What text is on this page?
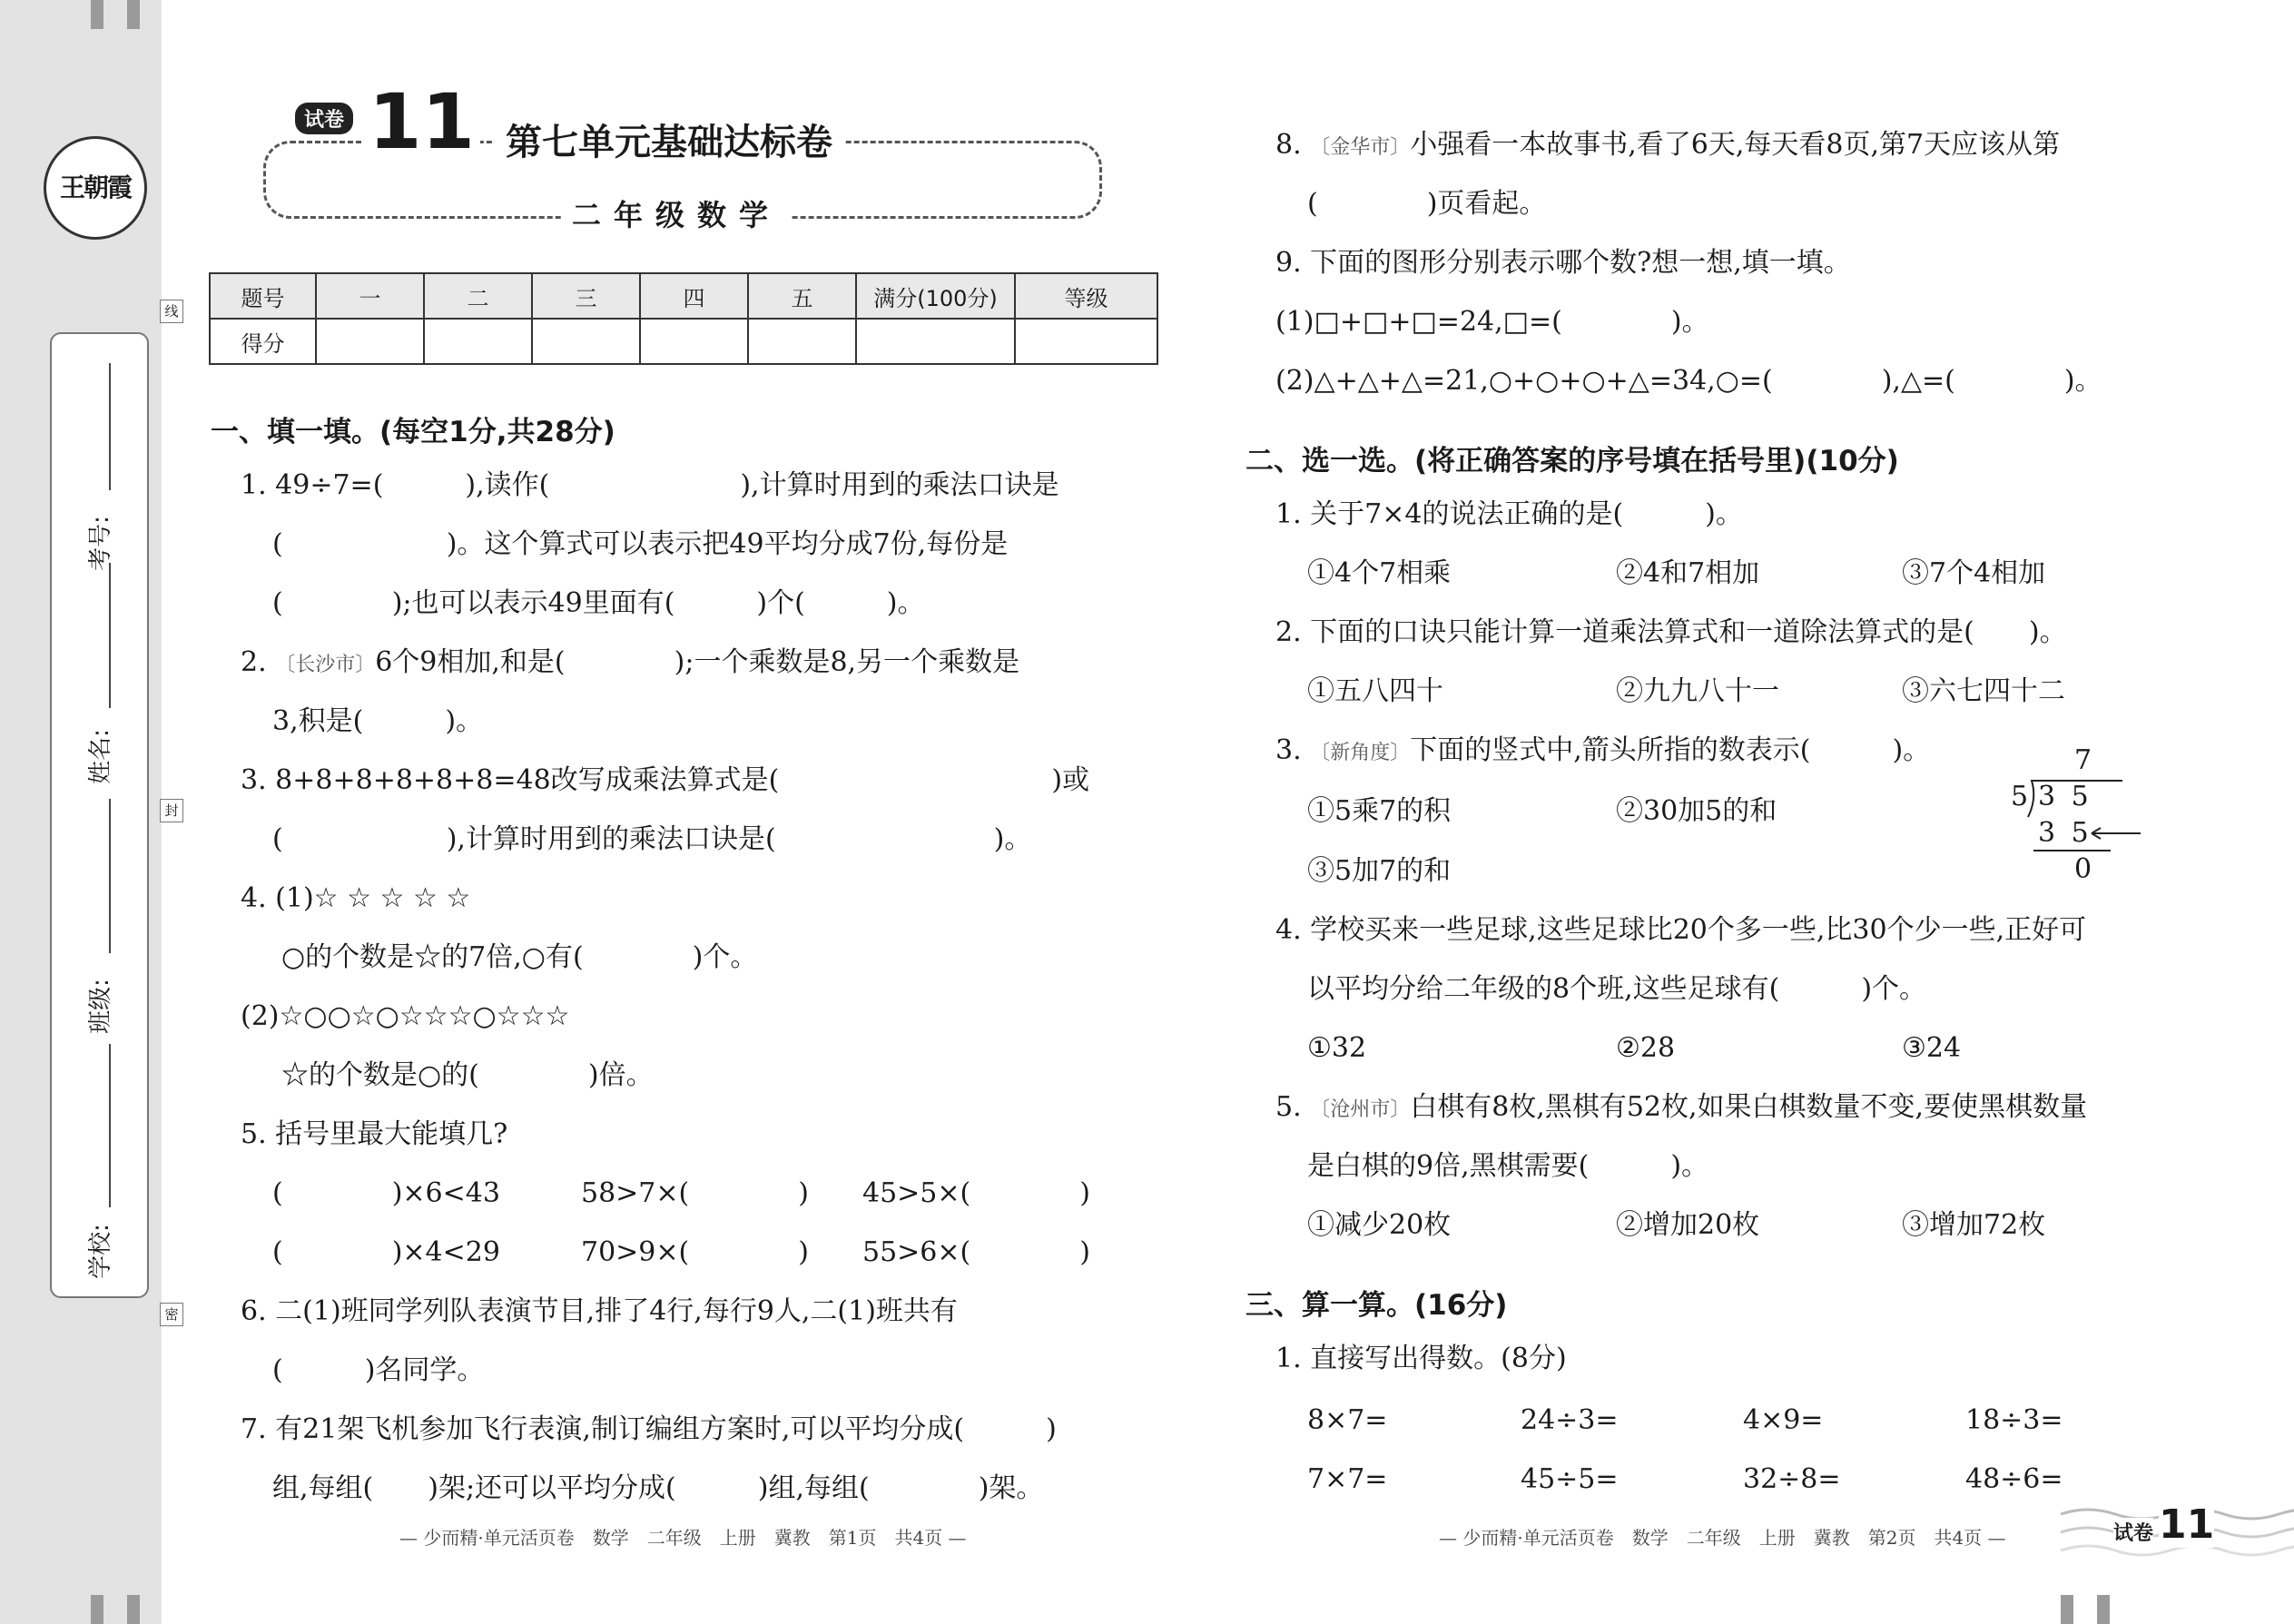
王朝霞
考号:
姓名:
班级:
学校:
线
封
密
试卷 11 第七单元基础达标卷
二年级数学
题号	一	二	三	四	五	满分(100分)	等级
得分							
一、填一填。(每空1分,共28分)
1. 49÷7=(　　　),读作(　　　　　　　),计算时用到的乘法口诀是
(　　　　　　)。这个算式可以表示把49平均分成7份,每份是
(　　　　);也可以表示49里面有(　　　)个(　　　)。
2. 〔长沙市〕6个9相加,和是(　　　　);一个乘数是8,另一个乘数是
3,积是(　　　)。
3. 8+8+8+8+8+8=48改写成乘法算式是(　　　　　　　　　　)或
(　　　　　　),计算时用到的乘法口诀是(　　　　　　　　)。
4. (1)☆ ☆ ☆ ☆ ☆
○的个数是☆的7倍,○有(　　　　)个。
(2)☆○○☆○☆☆☆○☆☆☆
☆的个数是○的(　　　　)倍。
5. 括号里最大能填几?
(　　　　)×6<43	58>7×(　　　　) 45>5×(　　　　)
(　　　　)×4<29	70>9×(　　　　) 55>6×(　　　　)
6. 二(1)班同学列队表演节目,排了4行,每行9人,二(1)班共有
(　　　)名同学。
7. 有21架飞机参加飞行表演,制订编组方案时,可以平均分成(　　　)
组,每组(　　)架;还可以平均分成(　　　)组,每组(　　　　)架。
— 少而精·单元活页卷　数学　二年级　上册　冀教　第1页　共4页 —
8. 〔金华市〕小强看一本故事书,看了6天,每天看8页,第7天应该从第
(　　　　)页看起。
9. 下面的图形分别表示哪个数?想一想,填一填。
(1)□+□+□=24,□=(　　　　)。
(2)△+△+△=21,○+○+○+△=34,○=(　　　　),△=(　　　　)。
二、选一选。(将正确答案的序号填在括号里)(10分)
1. 关于7×4的说法正确的是(　　　)。
①4个7相乘	②4和7相加	③7个4相加
2. 下面的口诀只能计算一道乘法算式和一道除法算式的是(　　)。
①五八四十	②九九八十一	③六七四十二
3. 〔新角度〕下面的竖式中,箭头所指的数表示(　　　)。
①5乘7的积	②30加5的和
③5加7的和
7
5 3 5
3 5
0
4. 学校买来一些足球,这些足球比20个多一些,比30个少一些,正好可
以平均分给二年级的8个班,这些足球有(　　　)个。
①32	②28	③24
5. 〔沧州市〕白棋有8枚,黑棋有52枚,如果白棋数量不变,要使黑棋数量
是白棋的9倍,黑棋需要(　　　)。
①减少20枚	②增加20枚	③增加72枚
三、算一算。(16分)
1. 直接写出得数。(8分)
8×7=	24÷3=	4×9=	18÷3=
7×7=	45÷5=	32÷8=	48÷6=
— 少而精·单元活页卷　数学　二年级　上册　冀教　第2页　共4页 —	试卷 11
